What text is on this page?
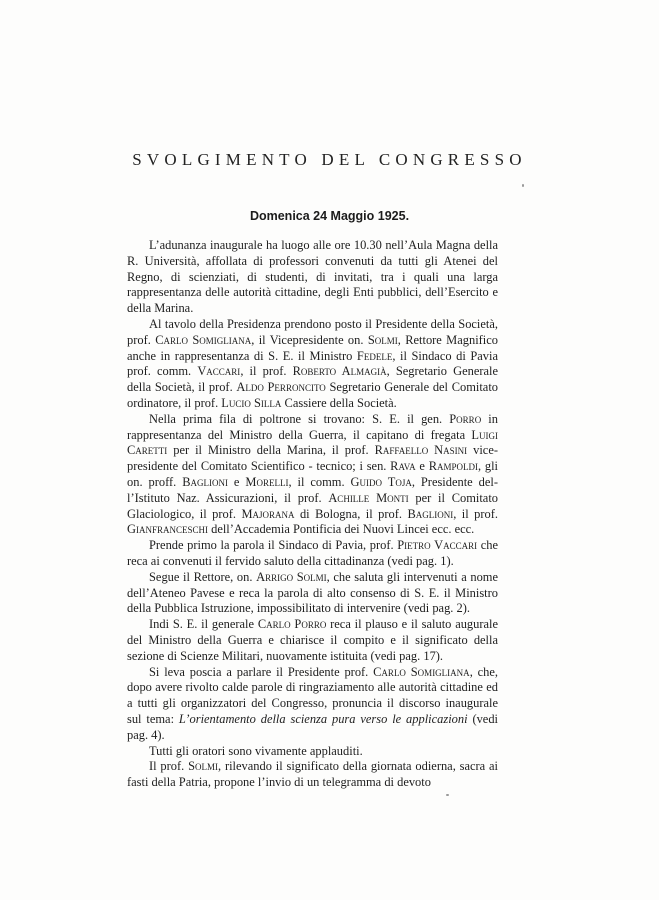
SVOLGIMENTO DEL CONGRESSO
Domenica 24 Maggio 1925.

L’adunanza inaugurale ha luogo alle ore 10.30 nell’Aula Magna della R. Università, affollata di professori convenuti da tutti gli Atenei del Regno, di scienziati, di studenti, di invitati, tra i quali una larga rappresentanza delle autorità cittadine, degli Enti pubblici, dell’Esercito e della Marina.

Al tavolo della Presidenza prendono posto il Presidente della Società, prof. Carlo Somigliana, il Vicepresidente on. Solmi, Rettore Magnifico anche in rappresentanza di S. E. il Ministro Fedele, il Sindaco di Pavia prof. comm. Vaccari, il prof. Roberto Almagià, Segretario Generale della Società, il prof. Aldo Perroncito Segretario Generale del Comitato ordinatore, il prof. Lucio Silla Cassiere della Società.

Nella prima fila di poltrone si trovano: S. E. il gen. Porro in rappresentanza del Ministro della Guerra, il capitano di fregata Luigi Caretti per il Ministro della Marina, il prof. Raffaello Nasini vicepresidente del Comitato Scientifico - tecnico; i sen. Rava e Rampoldi, gli on. proff. Baglioni e Morelli, il comm. Guido Toja, Presidente dell’Istituto Naz. Assicurazioni, il prof. Achille Monti per il Comitato Glaciologico, il prof. Majorana di Bologna, il prof. Baglioni, il prof. Gianfranceschi dell’Accademia Pontificia dei Nuovi Lincei ecc. ecc.

Prende primo la parola il Sindaco di Pavia, prof. Pietro Vaccari che reca ai convenuti il fervido saluto della cittadinanza (vedi pag. 1).

Segue il Rettore, on. Arrigo Solmi, che saluta gli intervenuti a nome dell’Ateneo Pavese e reca la parola di alto consenso di S. E. il Ministro della Pubblica Istruzione, impossibilitato di intervenire (vedi pag. 2).

Indi S. E. il generale Carlo Porro reca il plauso e il saluto augurale del Ministro della Guerra e chiarisce il compito e il significato della sezione di Scienze Militari, nuovamente istituita (vedi pag. 17).

Si leva poscia a parlare il Presidente prof. Carlo Somigliana, che, dopo avere rivolto calde parole di ringraziamento alle autorità cittadine ed a tutti gli organizzatori del Congresso, pronuncia il discorso inaugurale sul tema: L’orientamento della scienza pura verso le applicazioni (vedi pag. 4).

Tutti gli oratori sono vivamente applauditi.

Il prof. Solmi, rilevando il significato della giornata odierna, sacra ai fasti della Patria, propone l’invio di un telegramma di devoto
